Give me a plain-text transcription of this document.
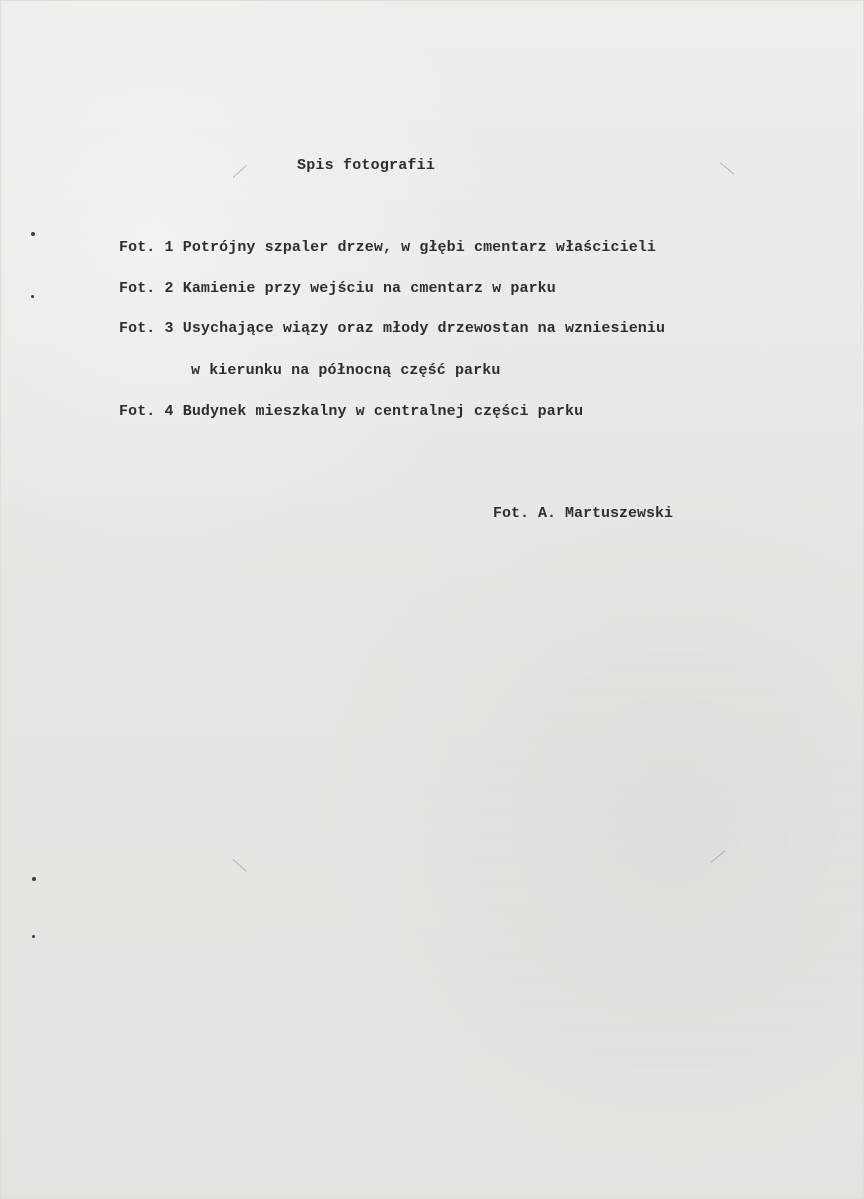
Spis fotografii
Fot. 1 Potrójny szpaler drzew, w głębi cmentarz właścicieli
Fot. 2 Kamienie przy wejściu na cmentarz w parku
Fot. 3 Usychające wiązy oraz młody drzewostan na wzniesieniu
w kierunku na północną część parku
Fot. 4 Budynek mieszkalny w centralnej części parku
Fot. A. Martuszewski
